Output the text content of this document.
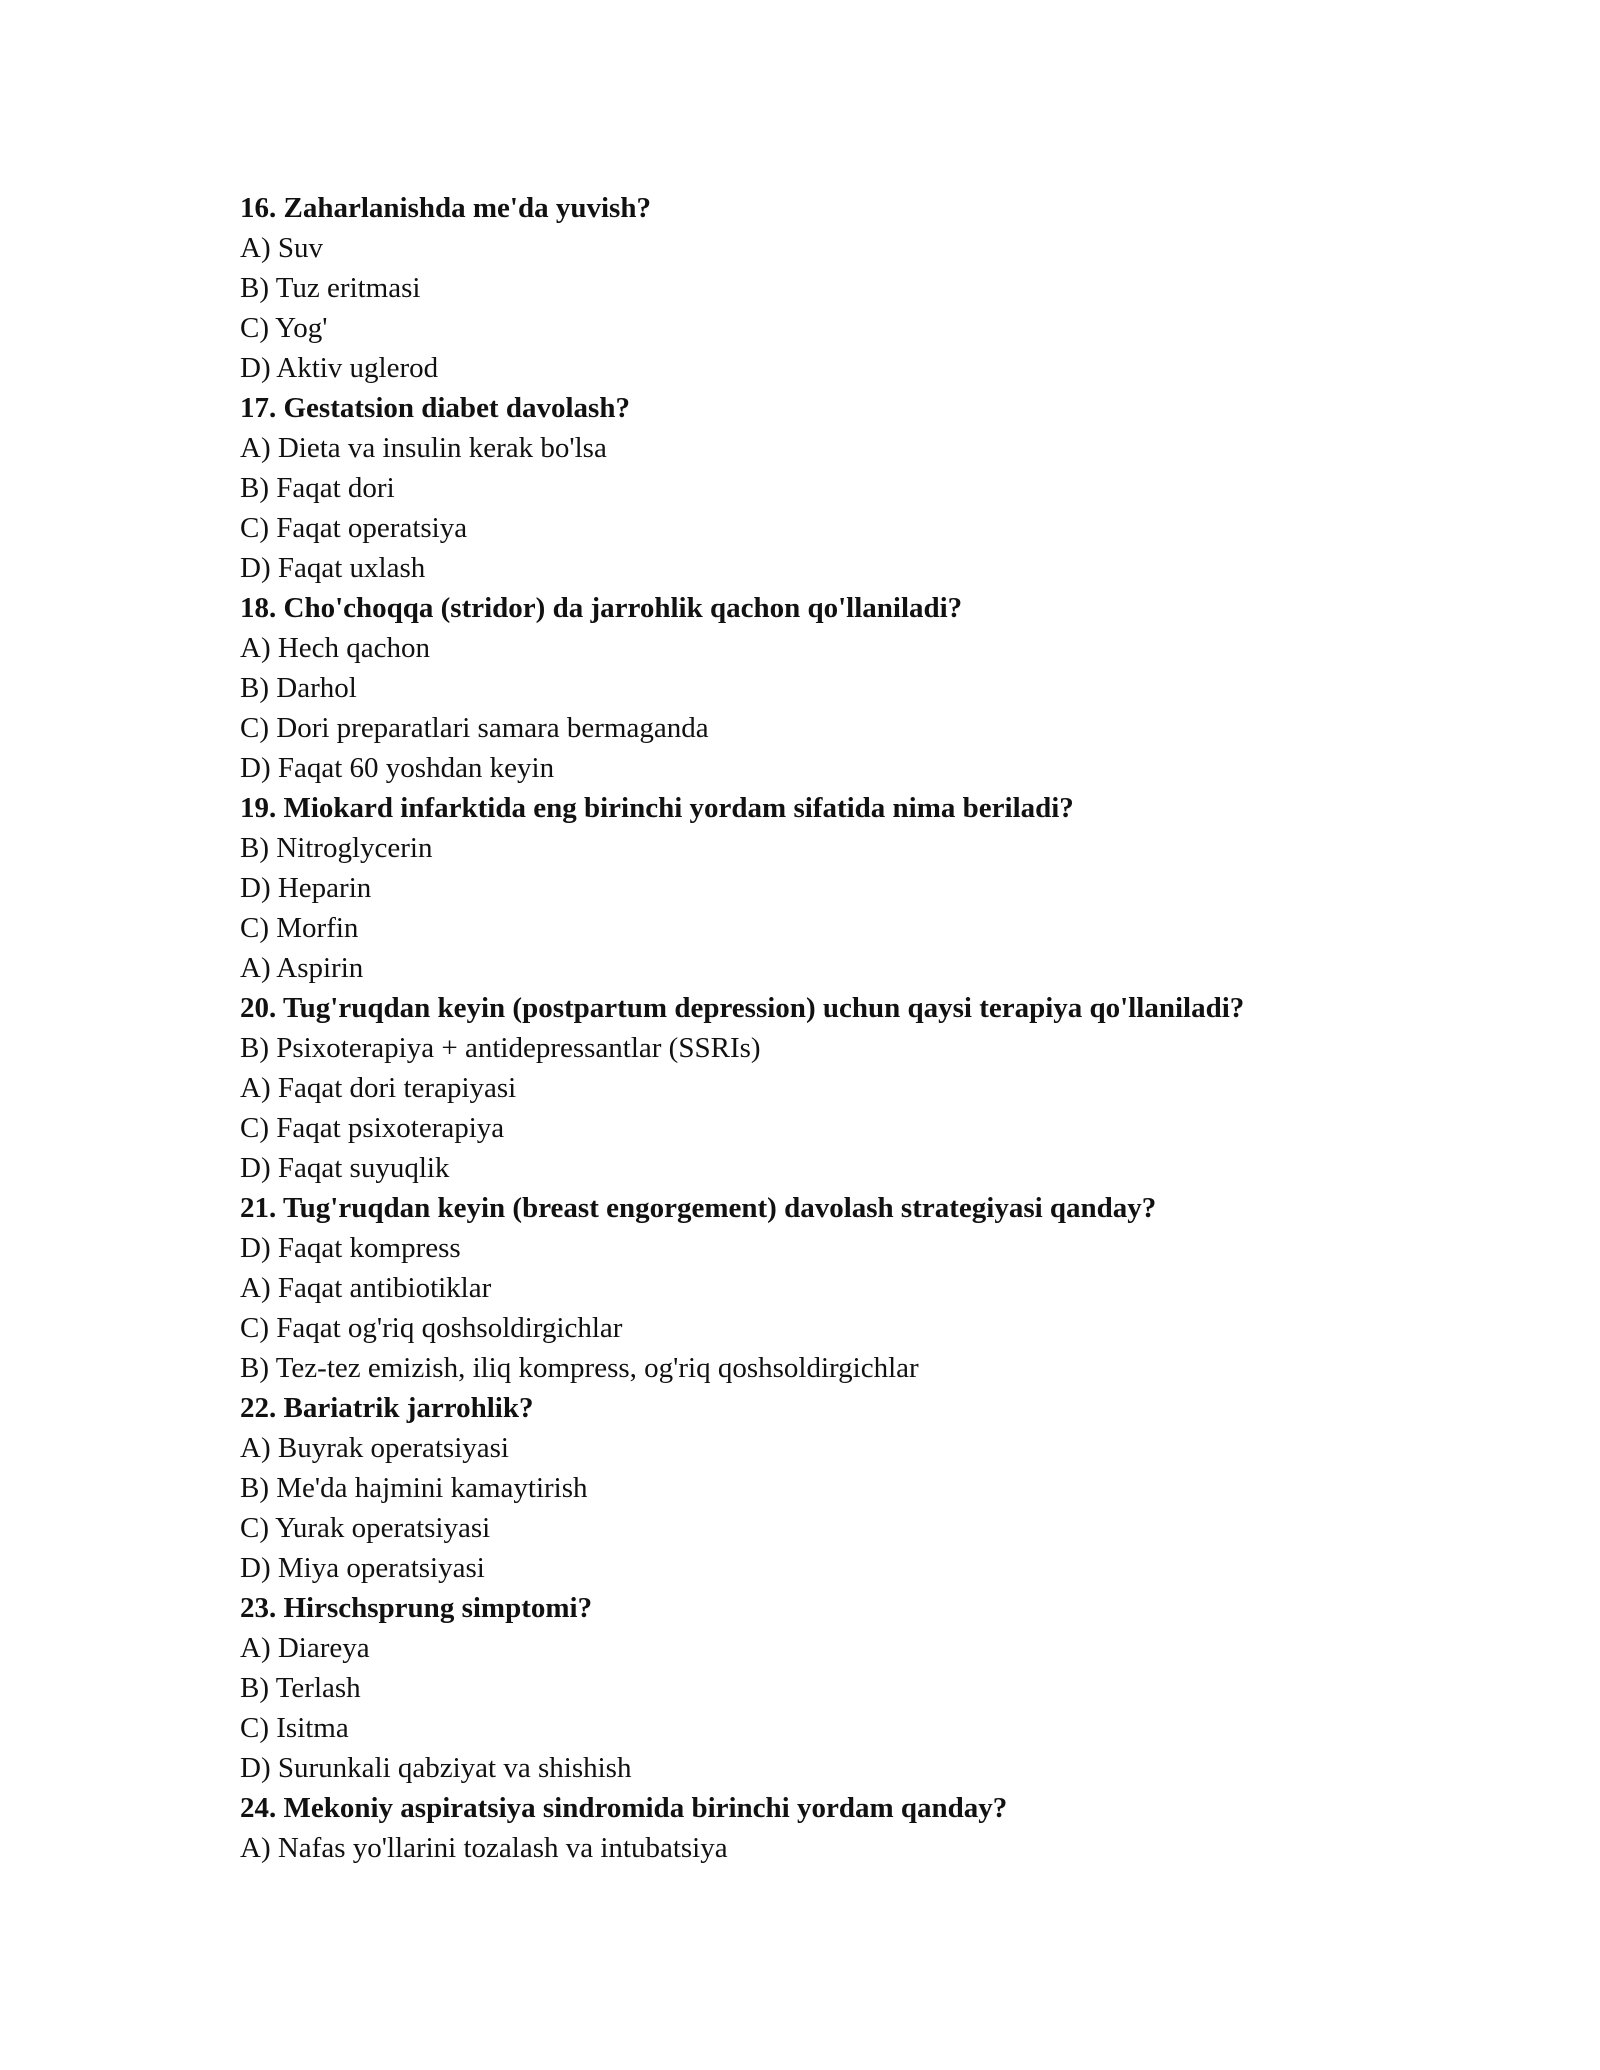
16. Zaharlanishda me'da yuvish?

A) Suv

B) Tuz eritmasi

C) Yog'

D) Aktiv uglerod

17. Gestatsion diabet davolash?

A) Dieta va insulin kerak bo'lsa

B) Faqat dori

C) Faqat operatsiya

D) Faqat uxlash

18. Cho'choqqa (stridor) da jarrohlik qachon qo'llaniladi?

A) Hech qachon

B) Darhol

C) Dori preparatlari samara bermaganda

D) Faqat 60 yoshdan keyin

19. Miokard infarktida eng birinchi yordam sifatida nima beriladi?

B) Nitroglycerin

D) Heparin

C) Morfin

A) Aspirin

20. Tug'ruqdan keyin (postpartum depression) uchun qaysi terapiya qo'llaniladi?

B) Psixoterapiya + antidepressantlar (SSRIs)

A) Faqat dori terapiyasi

C) Faqat psixoterapiya

D) Faqat suyuqlik

21. Tug'ruqdan keyin (breast engorgement) davolash strategiyasi qanday?

D) Faqat kompress

A) Faqat antibiotiklar

C) Faqat og'riq qoshsoldirgichlar

B) Tez-tez emizish, iliq kompress, og'riq qoshsoldirgichlar

22. Bariatrik jarrohlik?

A) Buyrak operatsiyasi

B) Me'da hajmini kamaytirish

C) Yurak operatsiyasi

D) Miya operatsiyasi

23. Hirschsprung simptomi?

A) Diareya

B) Terlash

C) Isitma

D) Surunkali qabziyat va shishish

24. Mekoniy aspiratsiya sindromida birinchi yordam qanday?

A) Nafas yo'llarini tozalash va intubatsiya
